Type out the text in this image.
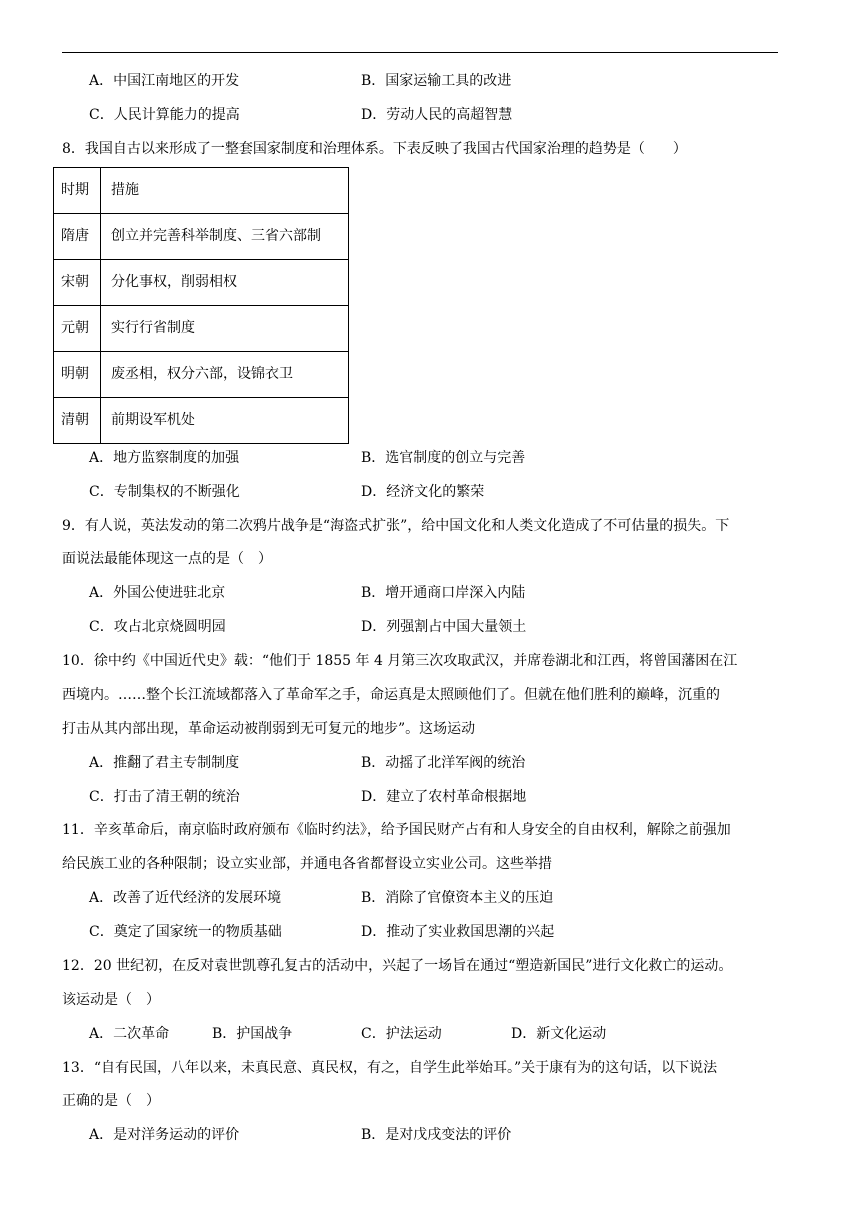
A．中国江南地区的开发	B．国家运输工具的改进
C．人民计算能力的提高	D．劳动人民的高超智慧
8．我国自古以来形成了一整套国家制度和治理体系。下表反映了我国古代国家治理的趋势是（　　）
时期	措施
隋唐	创立并完善科举制度、三省六部制
宋朝	分化事权，削弱相权
元朝	实行行省制度
明朝	废丞相，权分六部，设锦衣卫
清朝	前期设军机处
A．地方监察制度的加强	B．选官制度的创立与完善
C．专制集权的不断强化	D．经济文化的繁荣
9．有人说，英法发动的第二次鸦片战争是“海盗式扩张”，给中国文化和人类文化造成了不可估量的损失。下
面说法最能体现这一点的是（　）
A．外国公使进驻北京	B．增开通商口岸深入内陆
C．攻占北京烧圆明园	D．列强割占中国大量领土
10．徐中约《中国近代史》载：“他们于 1855 年 4 月第三次攻取武汉，并席卷湖北和江西，将曾国藩困在江
西境内。……整个长江流域都落入了革命军之手，命运真是太照顾他们了。但就在他们胜利的巅峰，沉重的
打击从其内部出现，革命运动被削弱到无可复元的地步”。这场运动
A．推翻了君主专制制度	B．动摇了北洋军阀的统治
C．打击了清王朝的统治	D．建立了农村革命根据地
11．辛亥革命后，南京临时政府颁布《临时约法》，给予国民财产占有和人身安全的自由权利，解除之前强加
给民族工业的各种限制；设立实业部，并通电各省都督设立实业公司。这些举措
A．改善了近代经济的发展环境	B．消除了官僚资本主义的压迫
C．奠定了国家统一的物质基础	D．推动了实业救国思潮的兴起
12．20 世纪初，在反对袁世凯尊孔复古的活动中，兴起了一场旨在通过“塑造新国民”进行文化救亡的运动。
该运动是（　）
A．二次革命	B．护国战争	C．护法运动	D．新文化运动
13．“自有民国，八年以来，未真民意、真民权，有之，自学生此举始耳。”关于康有为的这句话，以下说法
正确的是（　）
A．是对洋务运动的评价	B．是对戊戌变法的评价
